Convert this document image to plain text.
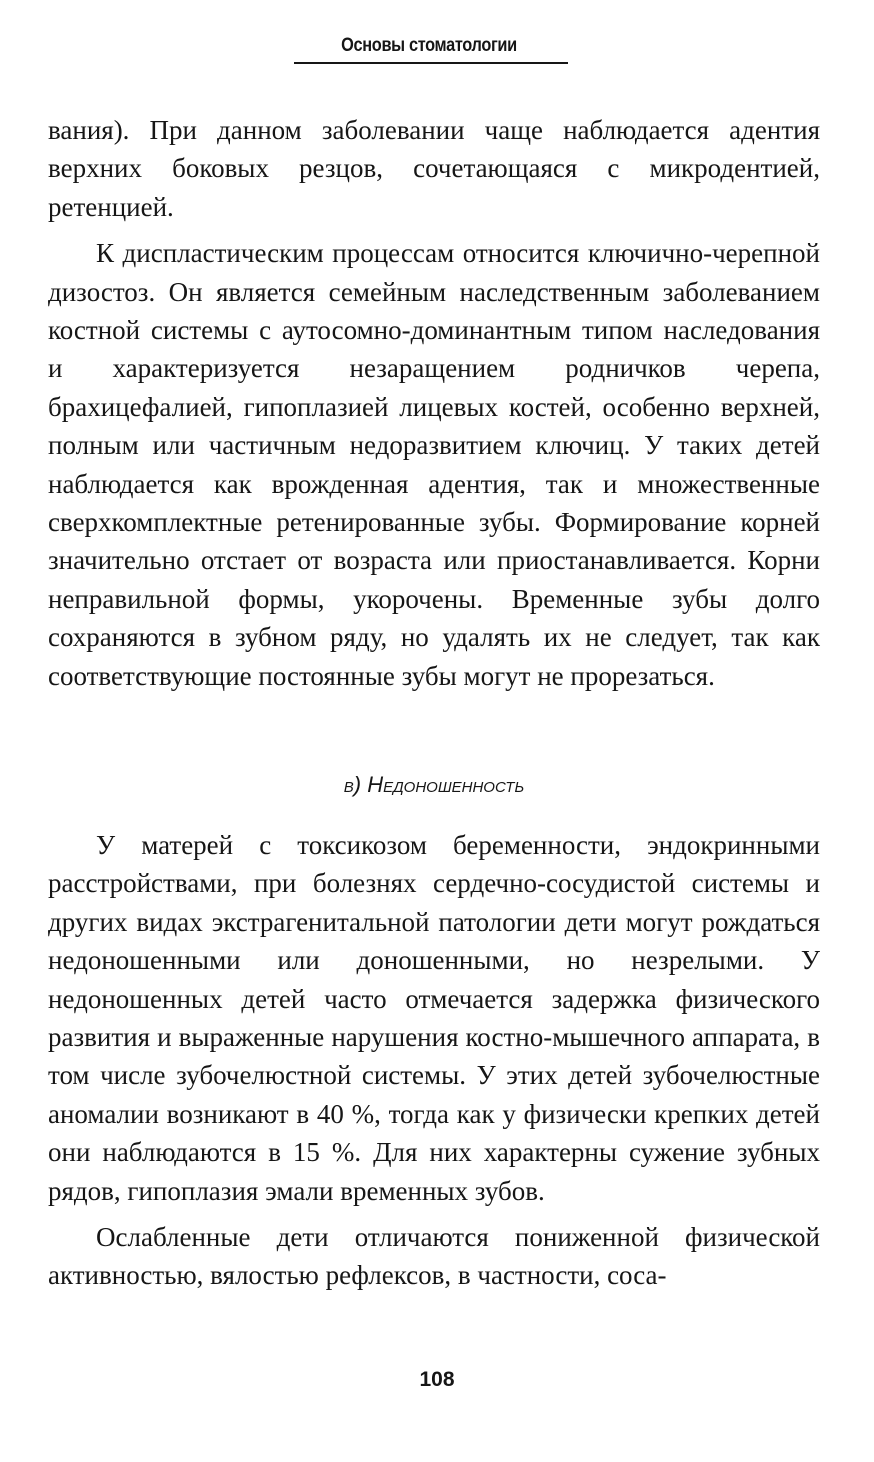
Основы стоматологии

вания). При данном заболевании чаще наблюдается адентия верхних боковых резцов, сочетающаяся с микродентией, ретенцией.

К диспластическим процессам относится ключично-черепной дизостоз. Он является семейным наследственным заболеванием костной системы с аутосомно-доминантным типом наследования и характеризуется незаращением родничков черепа, брахицефалией, гипоплазией лицевых костей, особенно верхней, полным или частичным недоразвитием ключиц. У таких детей наблюдается как врожденная адентия, так и множественные сверхкомплектные ретенированные зубы. Формирование корней значительно отстает от возраста или приостанавливается. Корни неправильной формы, укорочены. Временные зубы долго сохраняются в зубном ряду, но удалять их не следует, так как соответствующие постоянные зубы могут не прорезаться.

в) Недоношенность

У матерей с токсикозом беременности, эндокринными расстройствами, при болезнях сердечно-сосудистой системы и других видах экстрагенитальной патологии дети могут рождаться недоношенными или доношенными, но незрелыми. У недоношенных детей часто отмечается задержка физического развития и выраженные нарушения костно-мышечного аппарата, в том числе зубочелюстной системы. У этих детей зубочелюстные аномалии возникают в 40 %, тогда как у физически крепких детей они наблюдаются в 15 %. Для них характерны сужение зубных рядов, гипоплазия эмали временных зубов.

Ослабленные дети отличаются пониженной физической активностью, вялостью рефлексов, в частности, соса-

108
